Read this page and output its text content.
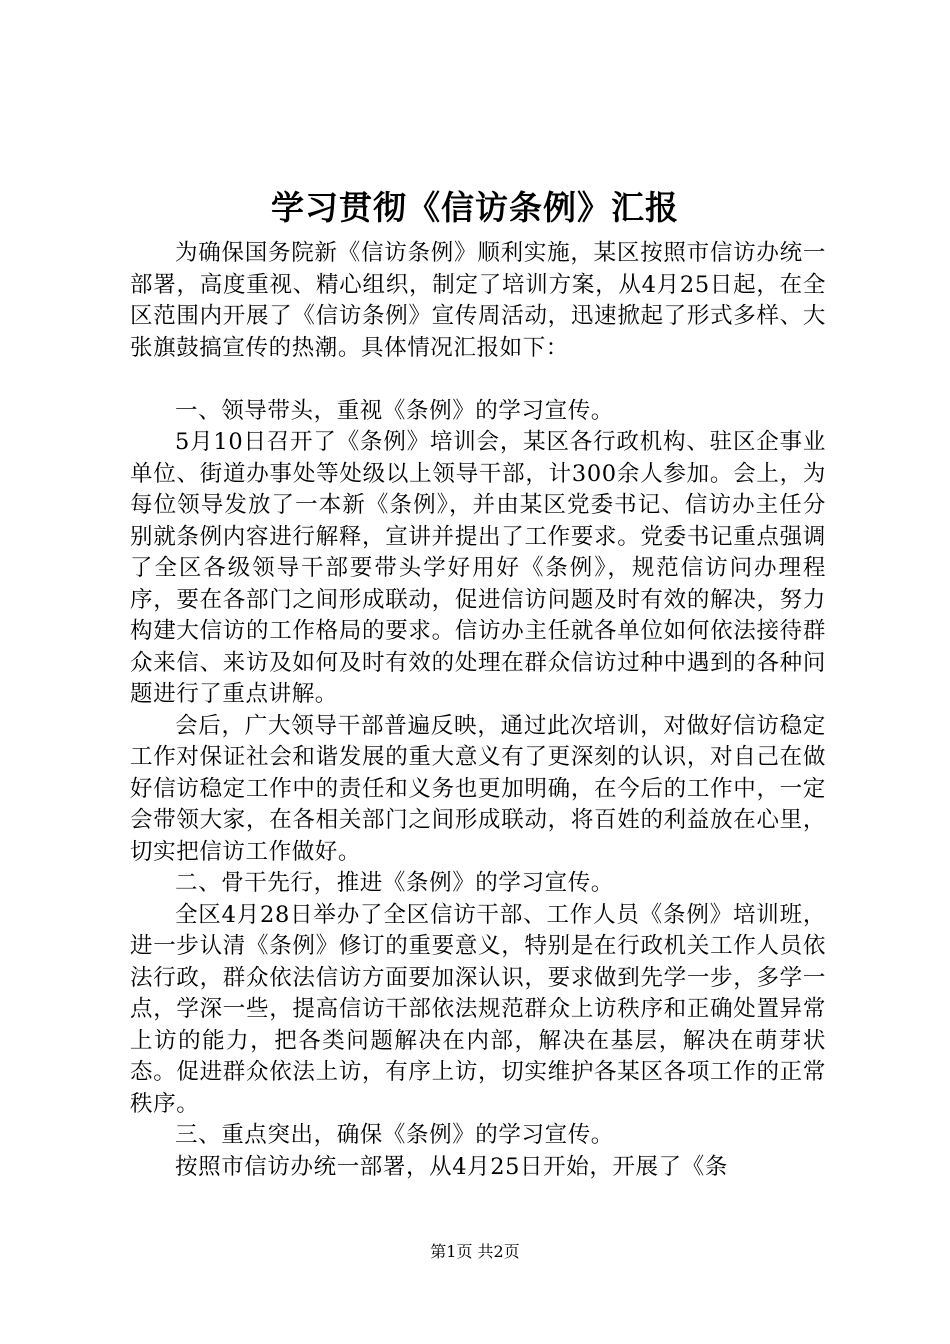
学习贯彻《信访条例》汇报

为确保国务院新《信访条例》顺利实施，某区按照市信访办统一部署，高度重视、精心组织，制定了培训方案，从4月25日起，在全区范围内开展了《信访条例》宣传周活动，迅速掀起了形式多样、大张旗鼓搞宣传的热潮。具体情况汇报如下：

一、领导带头，重视《条例》的学习宣传。

5月10日召开了《条例》培训会，某区各行政机构、驻区企事业单位、街道办事处等处级以上领导干部，计300余人参加。会上，为每位领导发放了一本新《条例》，并由某区党委书记、信访办主任分别就条例内容进行解释，宣讲并提出了工作要求。党委书记重点强调了全区各级领导干部要带头学好用好《条例》，规范信访问办理程序，要在各部门之间形成联动，促进信访问题及时有效的解决，努力构建大信访的工作格局的要求。信访办主任就各单位如何依法接待群众来信、来访及如何及时有效的处理在群众信访过种中遇到的各种问题进行了重点讲解。

会后，广大领导干部普遍反映，通过此次培训，对做好信访稳定工作对保证社会和谐发展的重大意义有了更深刻的认识，对自己在做好信访稳定工作中的责任和义务也更加明确，在今后的工作中，一定会带领大家，在各相关部门之间形成联动，将百姓的利益放在心里，切实把信访工作做好。

二、骨干先行，推进《条例》的学习宣传。

全区4月28日举办了全区信访干部、工作人员《条例》培训班，进一步认清《条例》修订的重要意义，特别是在行政机关工作人员依法行政，群众依法信访方面要加深认识，要求做到先学一步，多学一点，学深一些，提高信访干部依法规范群众上访秩序和正确处置异常上访的能力，把各类问题解决在内部，解决在基层，解决在萌芽状态。促进群众依法上访，有序上访，切实维护各某区各项工作的正常秩序。

三、重点突出，确保《条例》的学习宣传。

按照市信访办统一部署，从4月25日开始，开展了《条

第1页 共2页
